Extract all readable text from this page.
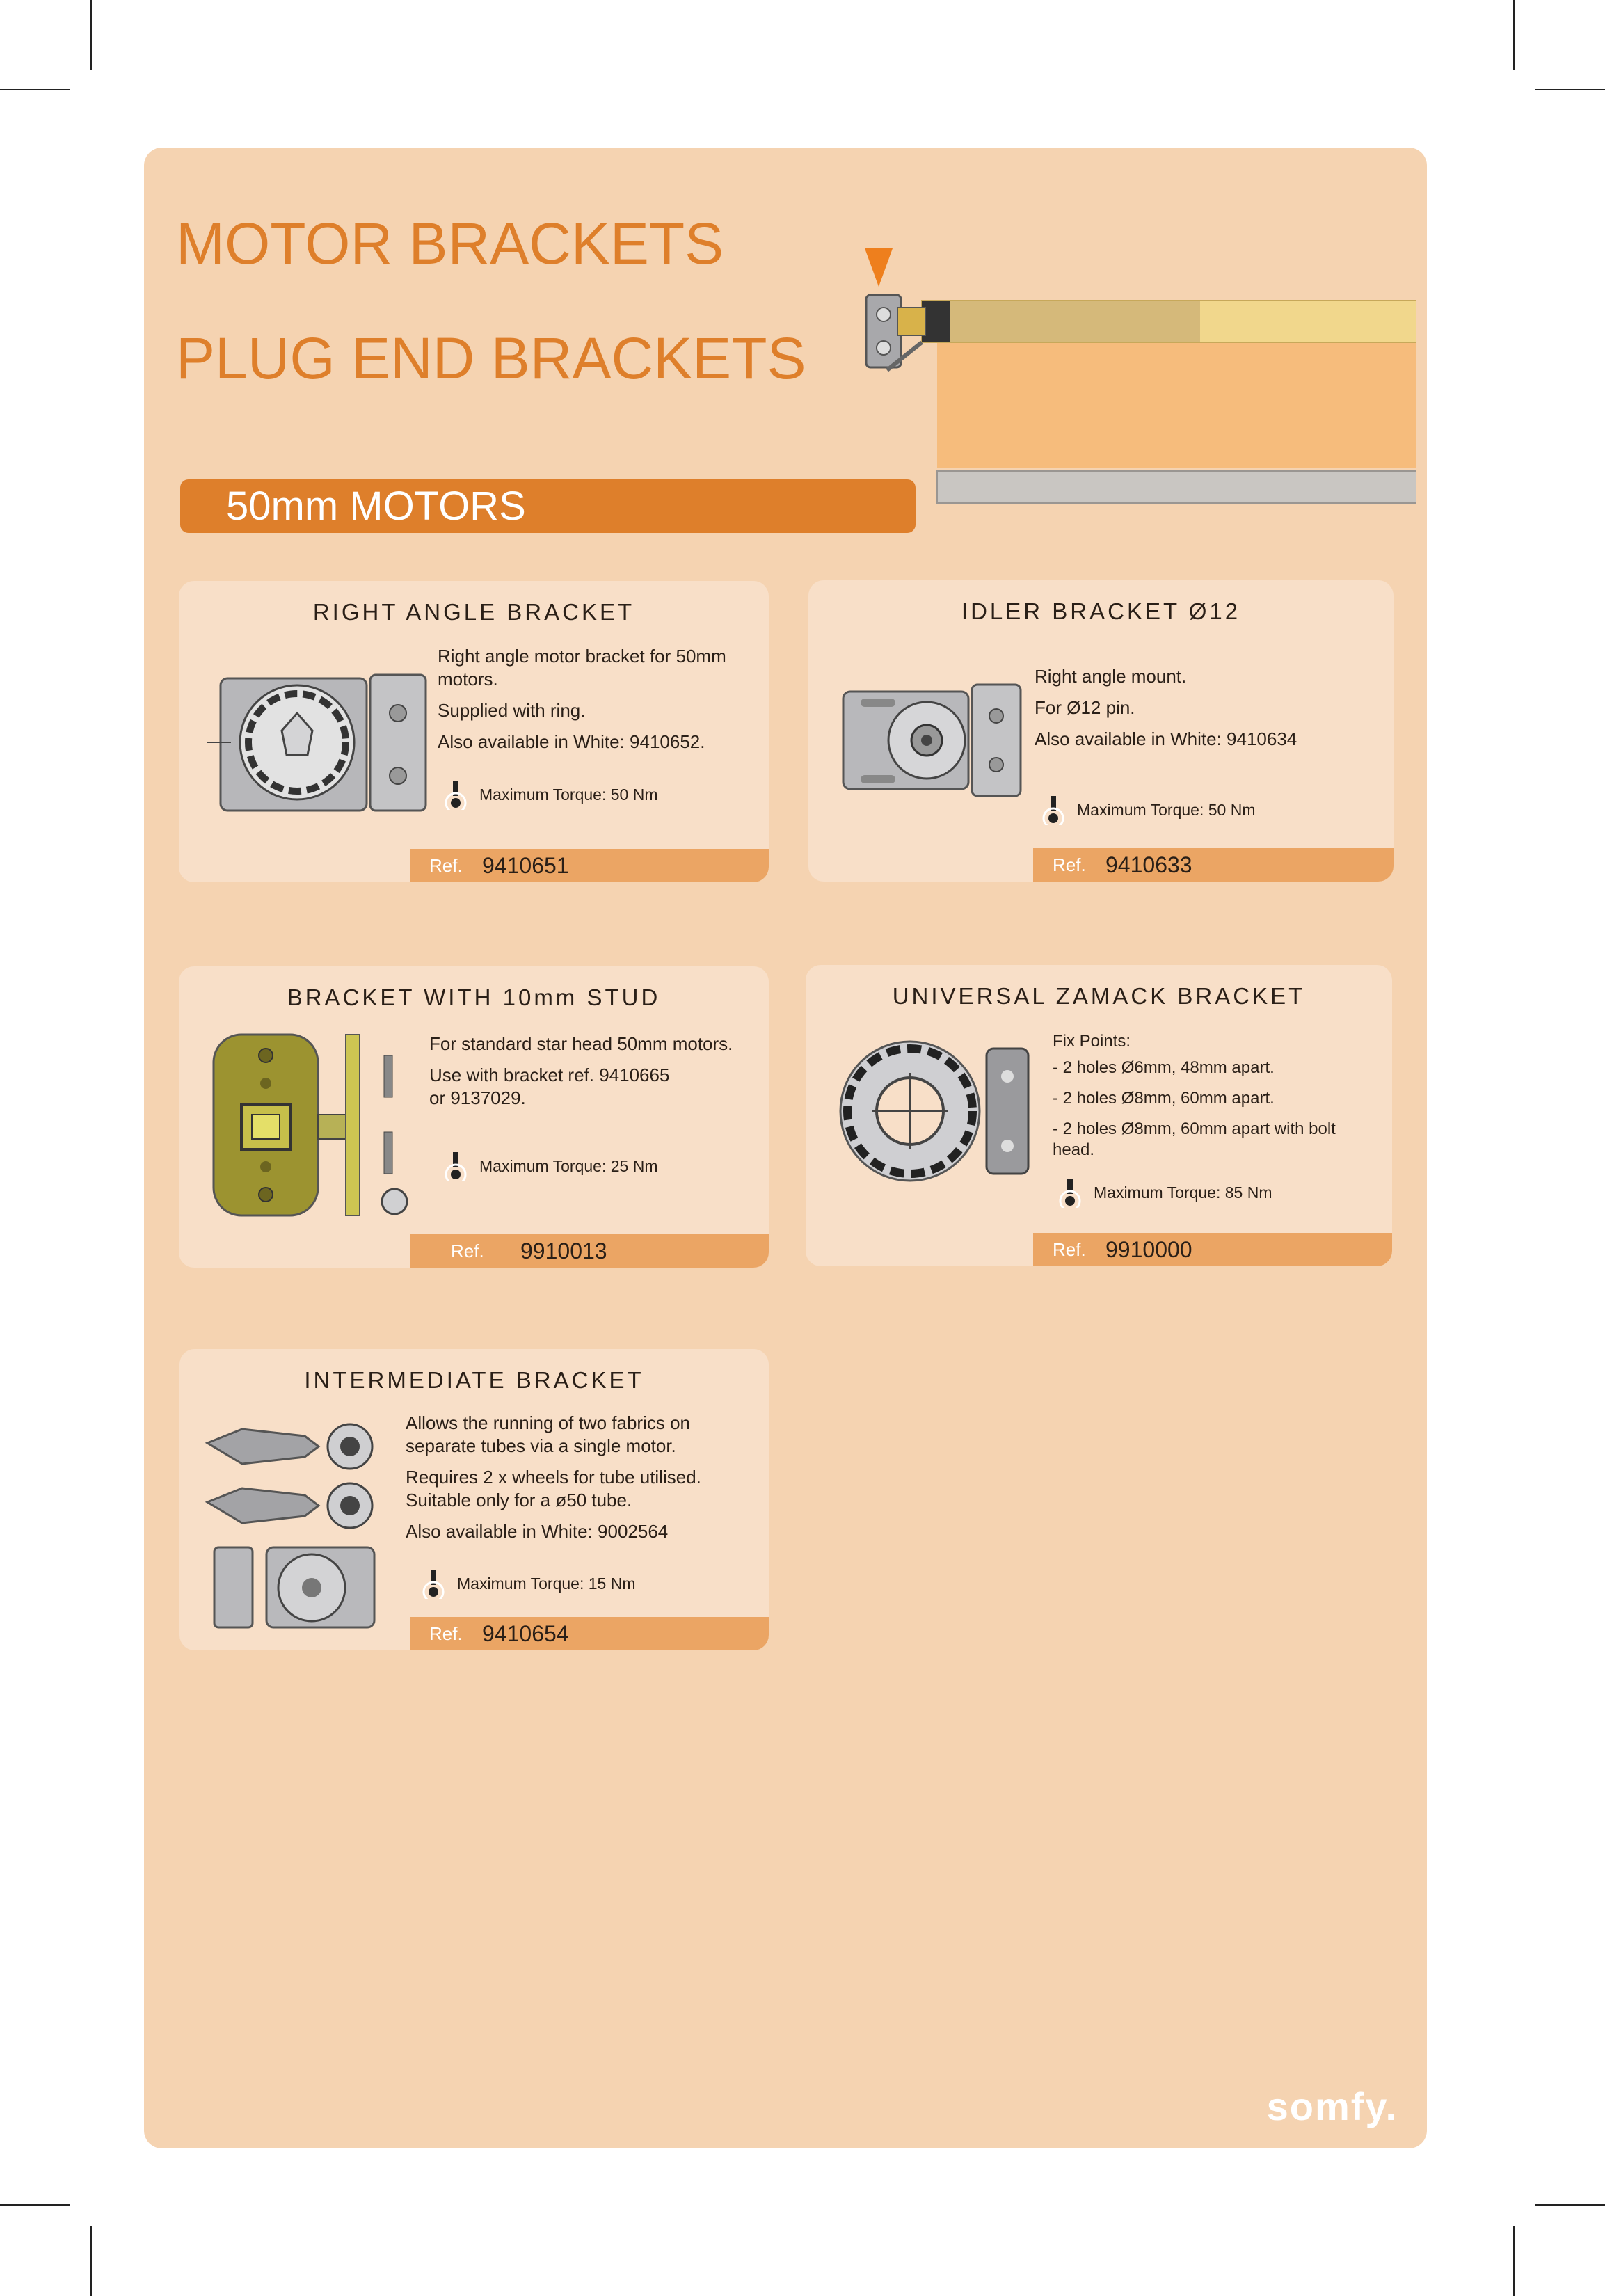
MOTOR BRACKETS
PLUG END BRACKETS
50mm MOTORS
RIGHT ANGLE BRACKET

Right angle motor bracket for 50mm motors.

Supplied with ring.

Also available in White: 9410652.

Maximum Torque: 50 Nm
Ref. 9410651
IDLER BRACKET Ø12

Right angle mount.

For Ø12 pin.

Also available in White: 9410634

Maximum Torque: 50 Nm
Ref. 9410633
BRACKET WITH 10mm STUD

For standard star head 50mm motors.

Use with bracket ref. 9410665 or 9137029.

Maximum Torque: 25 Nm
Ref.	9910013
UNIVERSAL ZAMACK BRACKET

Fix Points:

- 2 holes Ø6mm, 48mm apart.

- 2 holes Ø8mm, 60mm apart.

- 2 holes Ø8mm, 60mm apart with bolt head.

Maximum Torque: 85 Nm
Ref. 9910000
INTERMEDIATE BRACKET

Allows the running of two fabrics on separate tubes via a single motor.

Requires 2 x wheels for tube utilised. Suitable only for a ø50 tube.

Also available in White: 9002564

Maximum Torque: 15 Nm
Ref. 9410654
somfy.
